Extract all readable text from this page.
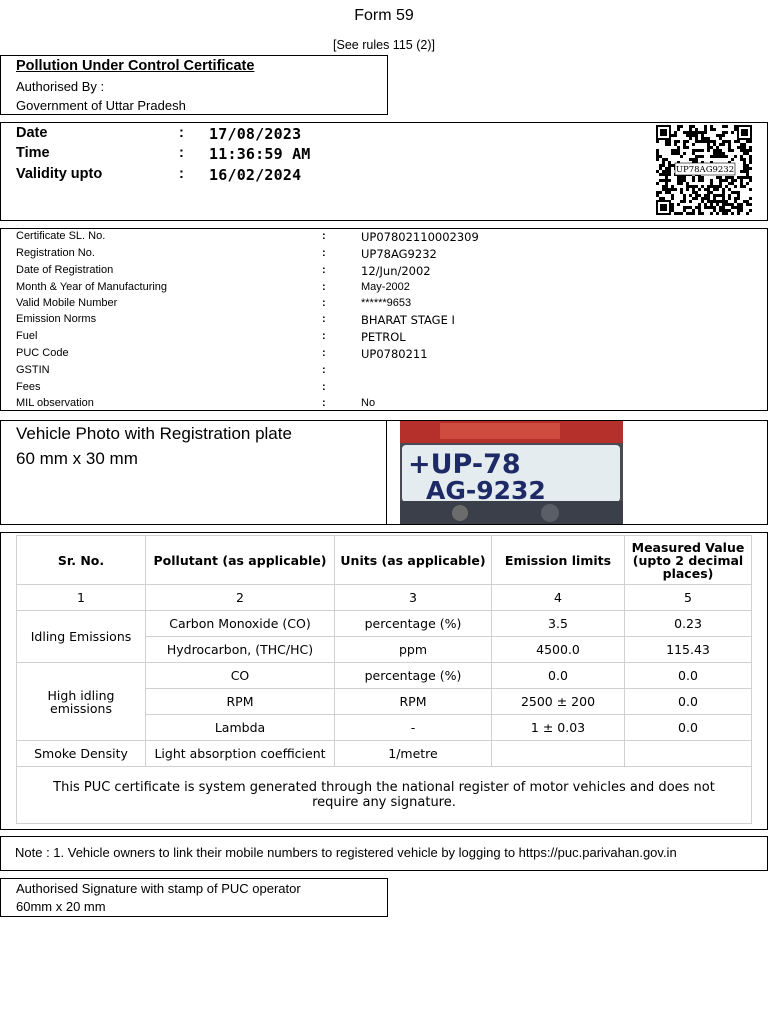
Form 59
[See rules 115 (2)]
Pollution Under Control Certificate
Authorised By :
Government of Uttar Pradesh
Date	: 17/08/2023
Time	: 11:36:59 AM
Validity upto	: 16/02/2024	UP78AG9232
Certificate SL. No.	:	UP07802110002309
Registration No.	:	UP78AG9232
Date of Registration	:	12/Jun/2002
Month & Year of Manufacturing	:	May-2002
Valid Mobile Number	:	******9653
Emission Norms	:	BHARAT STAGE I
Fuel	:	PETROL
PUC Code	:	UP0780211
GSTIN	:
Fees	:
MIL observation	:	No
Vehicle Photo with Registration plate
60 mm x 30 mm	+UP-78
AG-9232
Sr. No.	Pollutant (as applicable)	Units (as applicable)	Emission limits	Measured Value (upto 2 decimal places)
1	2	3	4	5
Idling Emissions	Carbon Monoxide (CO)	percentage (%)	3.5	0.23
	Hydrocarbon, (THC/HC)	ppm	4500.0	115.43
High idling emissions	CO	percentage (%)	0.0	0.0
	RPM	RPM	2500 ± 200	0.0
	Lambda	-	1 ± 0.03	0.0
Smoke Density	Light absorption coefficient	1/metre		
This PUC certificate is system generated through the national register of motor vehicles and does not require any signature.				
Note : 1. Vehicle owners to link their mobile numbers to registered vehicle by logging to https://puc.parivahan.gov.in
Authorised Signature with stamp of PUC operator
60mm x 20 mm
